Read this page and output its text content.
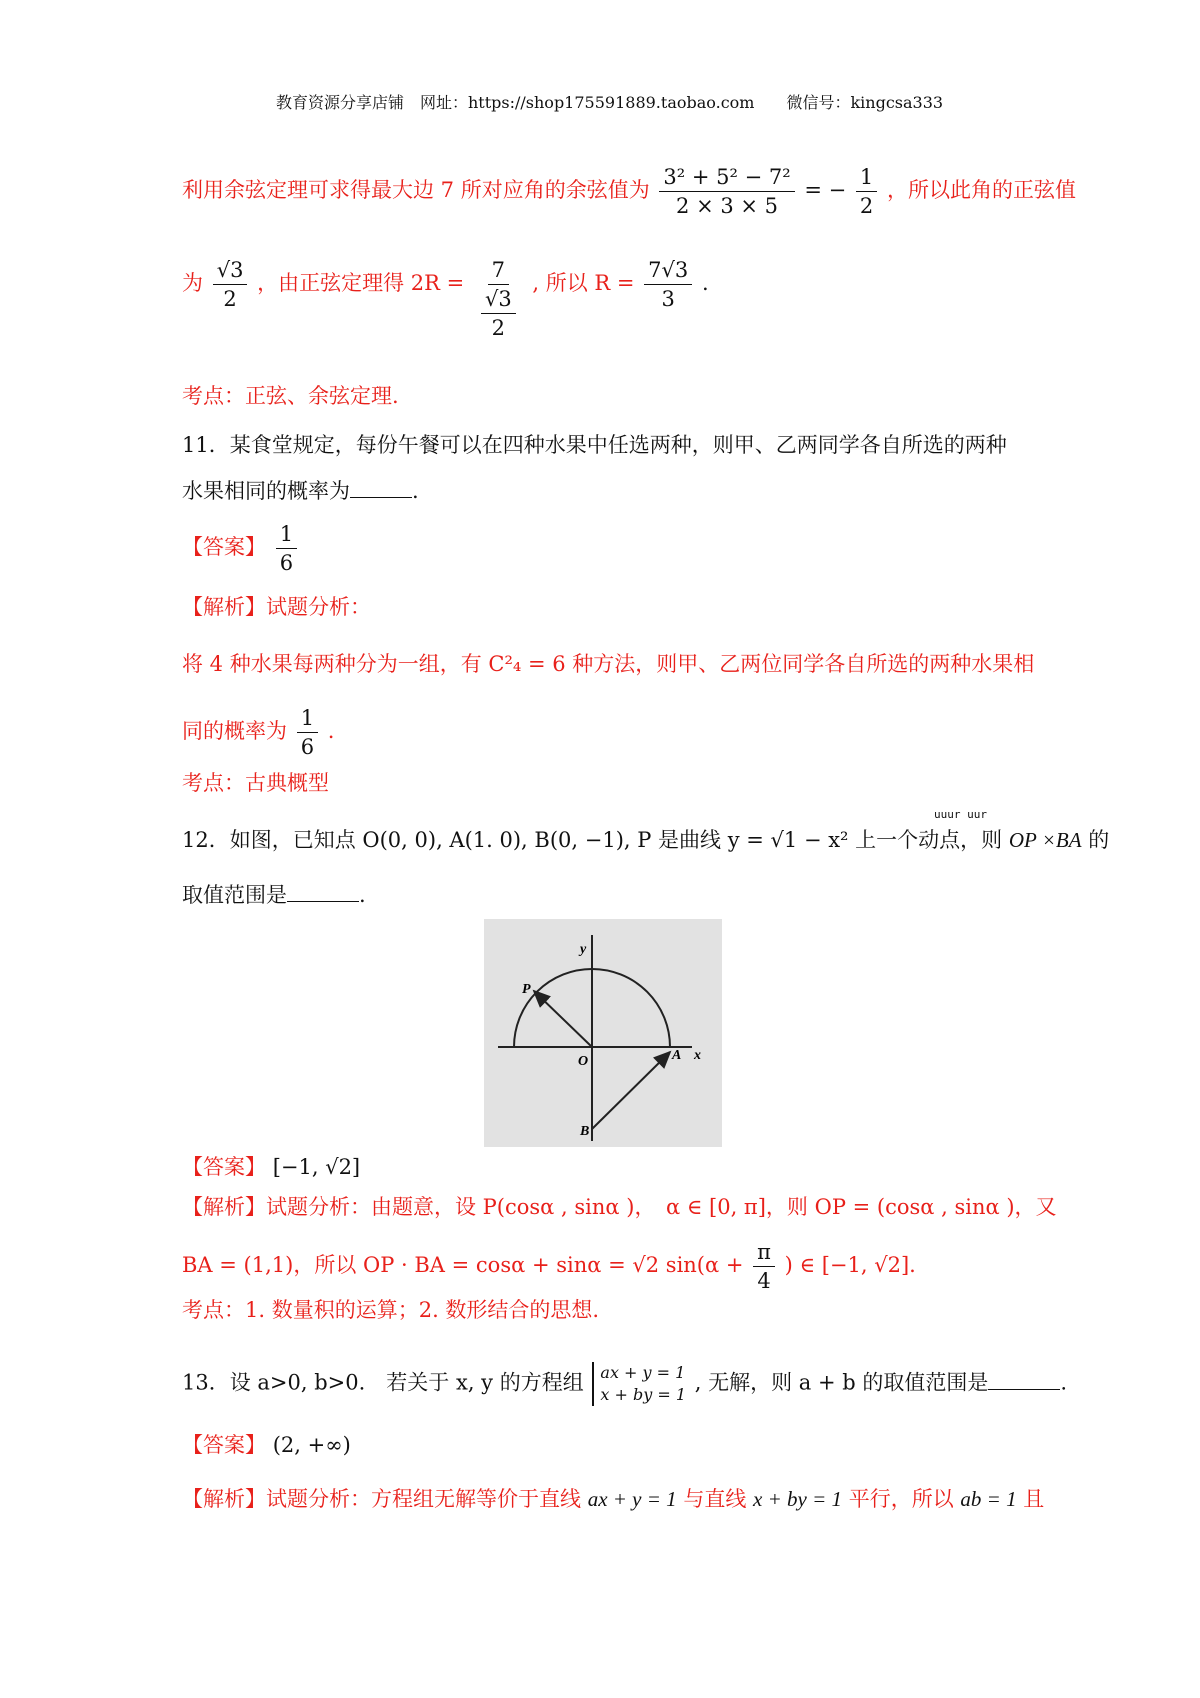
教育资源分享店铺　网址：https://shop175591889.taobao.com　　微信号：kingcsa333
利用余弦定理可求得最大边 7 所对应角的余弦值为 $\frac{\text{3² + 5² − 7²}}{2 \times 3 \times 5}$ = − $\frac{1}{2}$ ，所以此角的正弦值
为 $\frac{√3}{2}$ ，由正弦定理得 $2R = \frac{7}{\frac{√3}{2}}$ , 所以 $R = \frac{7√3}{3}$ .
考点：正弦、余弦定理.
11．某食堂规定，每份午餐可以在四种水果中任选两种，则甲、乙两同学各自所选的两种
水果相同的概率为	.
【答案】 $\frac{1}{6}$
【解析】试题分析：
将 4 种水果每两种分为一组，有 C²₄ = 6 种方法，则甲、乙两位同学各自所选的两种水果相
同的概率为 $\frac{1}{6}$ .
考点：古典概型
uuur uur
12．如图，已知点 O(0, 0), A(1. 0), B(0, −1), P 是曲线 y = √1 − x² 上一个动点，则 OP ×BA 的
取值范围是	.
y
P
O	A x
B
【答案】 [−1, √2]
【解析】试题分析：由题意，设 P(cosα , sinα )，　α ∈ [0, π]，则 OP = (cosα , sinα )，又
BA = (1,1)，所以 OP · BA = cosα + sinα = √2 $\sin(\alpha + \frac{\pi}{4}$ ) ∈ [−1, √2].
考点：1. 数量积的运算；2. 数形结合的思想.
13．设 a>0, b>0.　若关于 x, y 的方程组 ax + y = 1
x + by = 1 , 无解，则 a + b 的取值范围是	.
【答案】 (2, +∞)
【解析】试题分析：方程组无解等价于直线 ax + y = 1 与直线 x + by = 1 平行，所以 ab = 1 且
